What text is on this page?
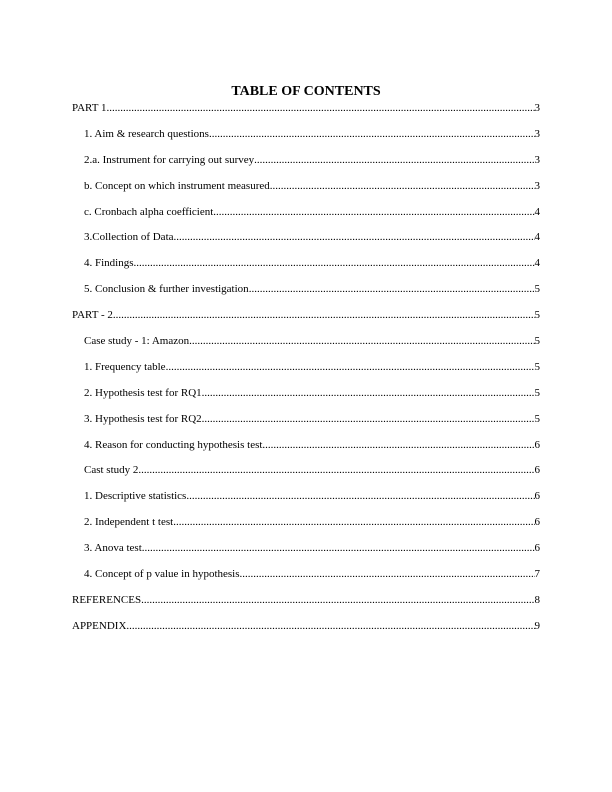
TABLE OF CONTENTS
PART 1 .....	3
1. Aim & research questions .....	3
2.a. Instrument for carrying out survey .....	3
b. Concept on which instrument measured .....	3
c. Cronbach alpha coefficient .....	4
3.Collection of Data .....	4
4. Findings .....	4
5. Conclusion & further investigation .....	5
PART - 2 .....	5
Case study - 1: Amazon .....	5
1. Frequency table .....	5
2. Hypothesis test for RQ1 .....	5
3. Hypothesis test for RQ2 .....	5
4. Reason for conducting hypothesis test .....	6
Cast study 2 .....	6
1. Descriptive statistics .....	6
2. Independent t test .....	6
3. Anova test .....	6
4. Concept of p value in hypothesis .....	7
REFERENCES .....	8
APPENDIX .....	9
